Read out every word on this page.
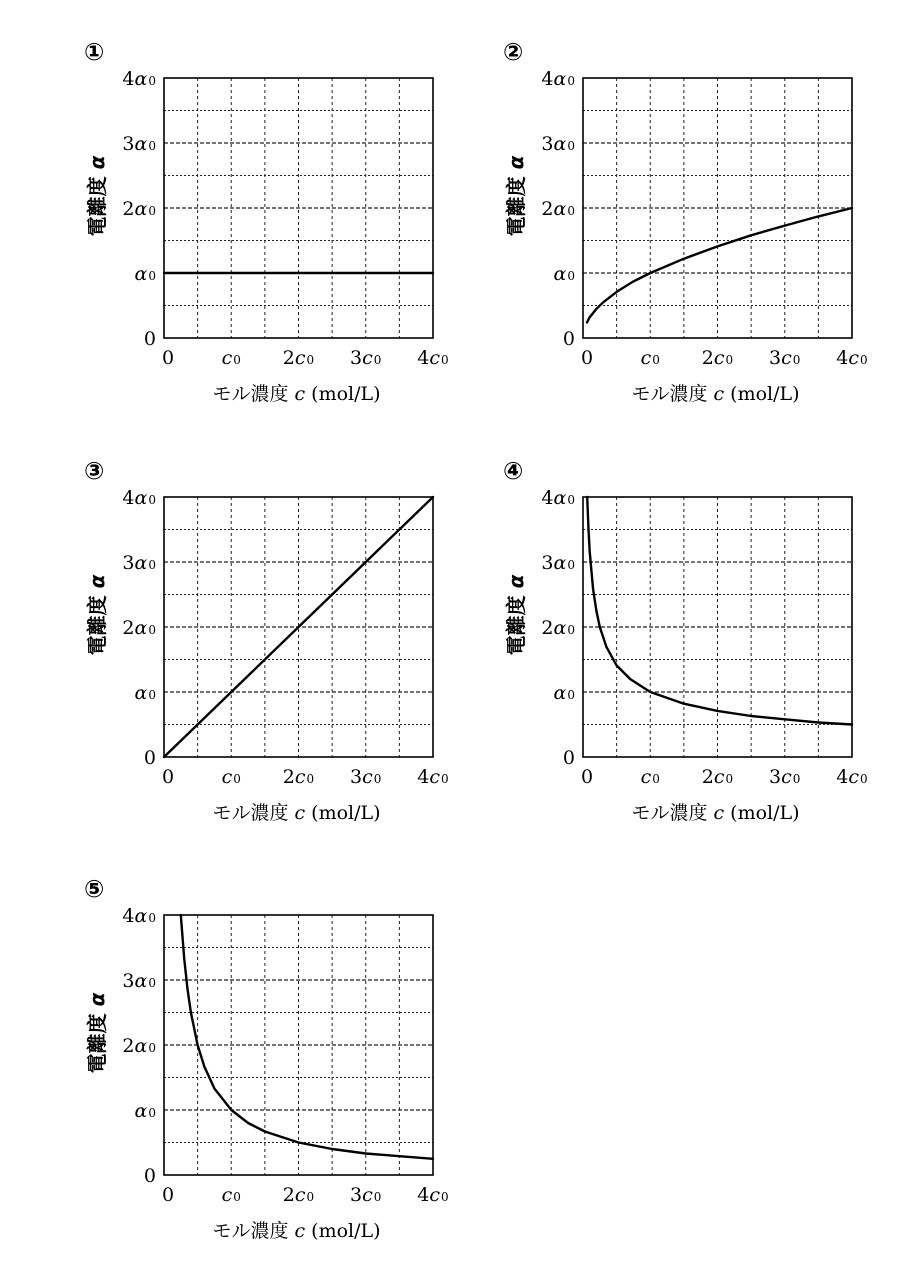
①
0	c0 2c0 3c0 4c0
0
α0
2α0
3α0
4α0
モル濃度 c (mol/L)
電離度 α
②
0	c0 2c0 3c0 4c0
0
α0
2α0
3α0
4α0
モル濃度 c (mol/L)
電離度 α
③
0	c0 2c0 3c0 4c0
0
α0
2α0
3α0
4α0
モル濃度 c (mol/L)
電離度 α
④
0	c0 2c0 3c0 4c0
0
α0
2α0
3α0
4α0
モル濃度 c (mol/L)
電離度 α
⑤
0	c0 2c0 3c0 4c0
0
α0
2α0
3α0
4α0
モル濃度 c (mol/L)
電離度 α
